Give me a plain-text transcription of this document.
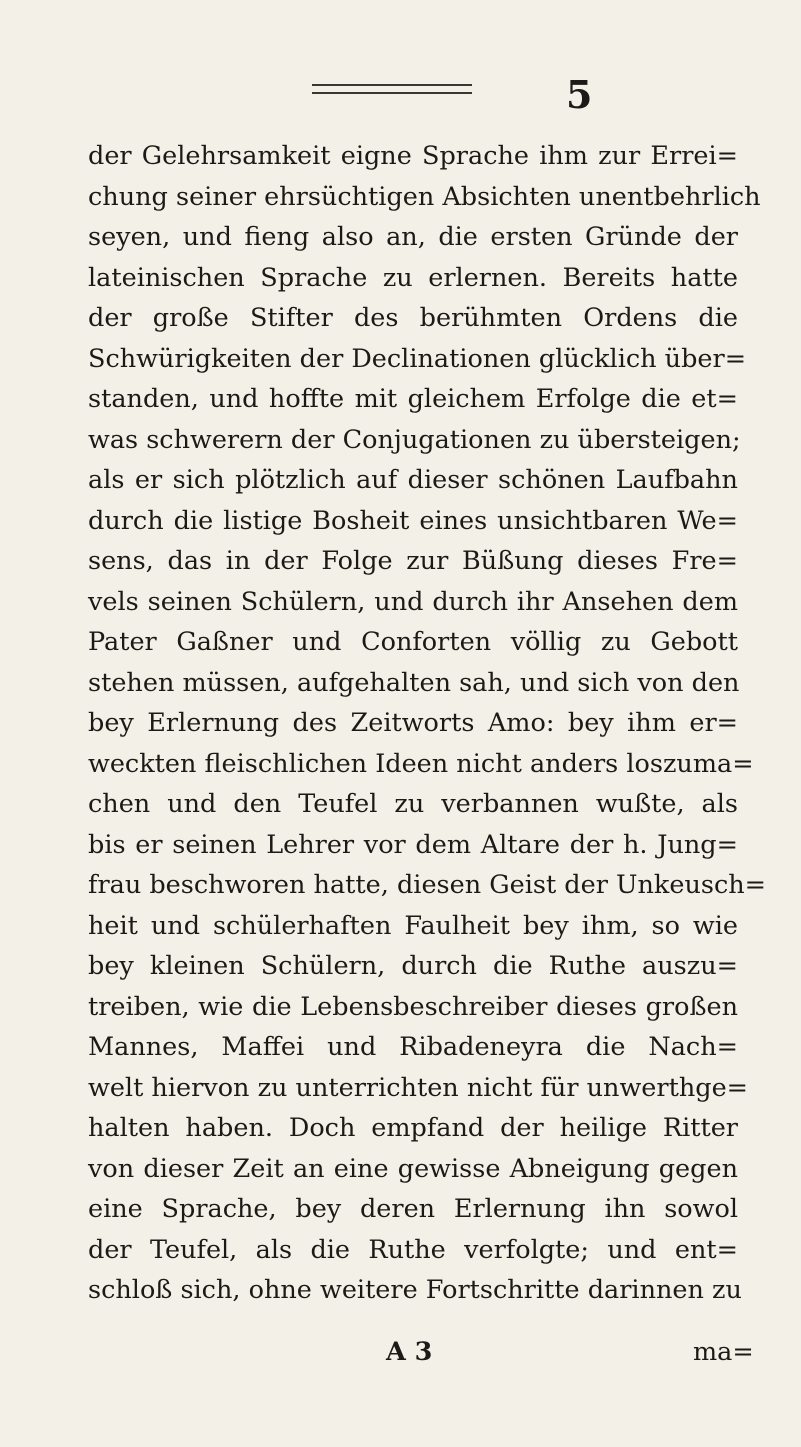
5
der Gelehrsamkeit eigne Sprache ihm zur Errei=
chung seiner ehrsüchtigen Absichten unentbehrlich
seyen, und fieng also an, die ersten Gründe der
lateinischen Sprache zu erlernen. Bereits hatte
der große Stifter des berühmten Ordens die
Schwürigkeiten der Declinationen glücklich über=
standen, und hoffte mit gleichem Erfolge die et=
was schwerern der Conjugationen zu übersteigen;
als er sich plötzlich auf dieser schönen Laufbahn
durch die listige Bosheit eines unsichtbaren We=
sens, das in der Folge zur Büßung dieses Fre=
vels seinen Schülern, und durch ihr Ansehen dem
Pater Gaßner und Conforten völlig zu Gebott
stehen müssen, aufgehalten sah, und sich von den
bey Erlernung des Zeitworts Amo: bey ihm er=
weckten fleischlichen Ideen nicht anders loszuma=
chen und den Teufel zu verbannen wußte, als
bis er seinen Lehrer vor dem Altare der h. Jung=
frau beschworen hatte, diesen Geist der Unkeusch=
heit und schülerhaften Faulheit bey ihm, so wie
bey kleinen Schülern, durch die Ruthe auszu=
treiben, wie die Lebensbeschreiber dieses großen
Mannes, Maffei und Ribadeneyra die Nach=
welt hiervon zu unterrichten nicht für unwerthge=
halten haben. Doch empfand der heilige Ritter
von dieser Zeit an eine gewisse Abneigung gegen
eine Sprache, bey deren Erlernung ihn sowol
der Teufel, als die Ruthe verfolgte; und ent=
schloß sich, ohne weitere Fortschritte darinnen zu
A 3	ma=
